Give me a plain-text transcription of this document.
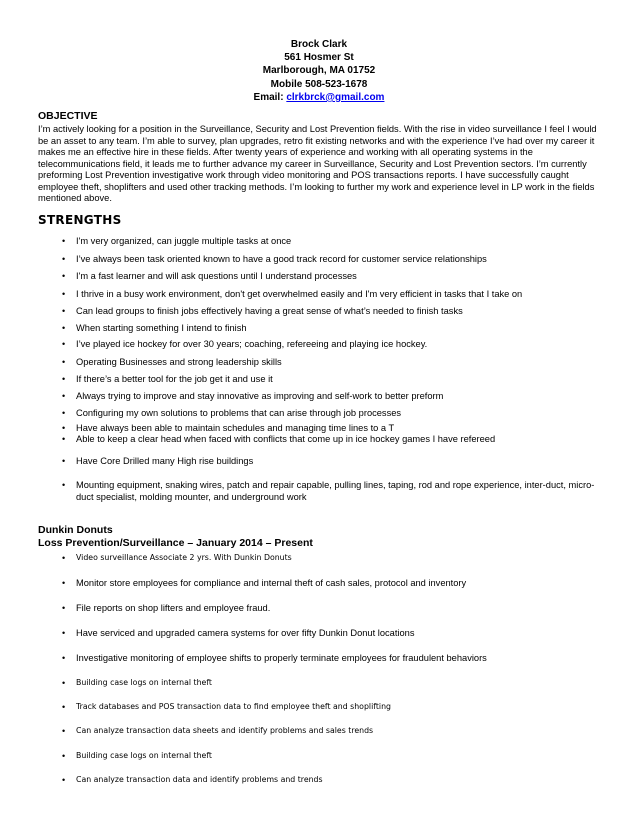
Brock Clark
561 Hosmer St
Marlborough, MA 01752
Mobile 508-523-1678
Email: clrkbrck@gmail.com
OBJECTIVE
I’m actively looking for a position in the Surveillance, Security and Lost Prevention fields. With the rise in video surveillance I feel I would be an asset to any team. I’m able to survey, plan upgrades, retro fit existing networks and with the experience I’ve had over my career it makes me an effective hire in these fields. After twenty years of experience and working with all operating systems in the telecommunications field, it leads me to further advance my career in Surveillance, Security and Lost Prevention sectors. I’m currently preforming Lost Prevention investigative work through video monitoring and POS transactions reports. I have successfully caught employee theft, shoplifters and used other tracking methods. I’m looking to further my work and experience level in LP work in the fields mentioned above.
STRENGTHS
• I'm very organized, can juggle multiple tasks at once
• I’ve always been task oriented known to have a good track record for customer service relationships
• I'm a fast learner and will ask questions until I understand processes
• I thrive in a busy work environment, don't get overwhelmed easily and I'm very efficient in tasks that I take on
• Can lead groups to finish jobs effectively having a great sense of what’s needed to finish tasks
• When starting something I intend to finish
• I’ve played ice hockey for over 30 years; coaching, refereeing and playing ice hockey.
• Operating Businesses and strong leadership skills
• If there’s a better tool for the job get it and use it
• Always trying to improve and stay innovative as improving and self-work to better preform
• Configuring my own solutions to problems that can arise through job processes
• Have always been able to maintain schedules and managing time lines to a T
• Able to keep a clear head when faced with conflicts that come up in ice hockey games I have refereed
• Have Core Drilled many High rise buildings
• Mounting equipment, snaking wires, patch and repair capable, pulling lines, taping, rod and rope experience, inter-duct, micro-duct specialist, molding mounter, and underground work
Dunkin Donuts
Loss Prevention/Surveillance – January 2014 – Present
• Video surveillance Associate 2 yrs. With Dunkin Donuts
• Monitor store employees for compliance and internal theft of cash sales, protocol and inventory
• File reports on shop lifters and employee fraud.
• Have serviced and upgraded camera systems for over fifty Dunkin Donut locations
• Investigative monitoring of employee shifts to properly terminate employees for fraudulent behaviors
• Building case logs on internal theft
• Track databases and POS transaction data to find employee theft and shoplifting
• Can analyze transaction data sheets and identify problems and sales trends
• Building case logs on internal theft
• Can analyze transaction data and identify problems and trends
